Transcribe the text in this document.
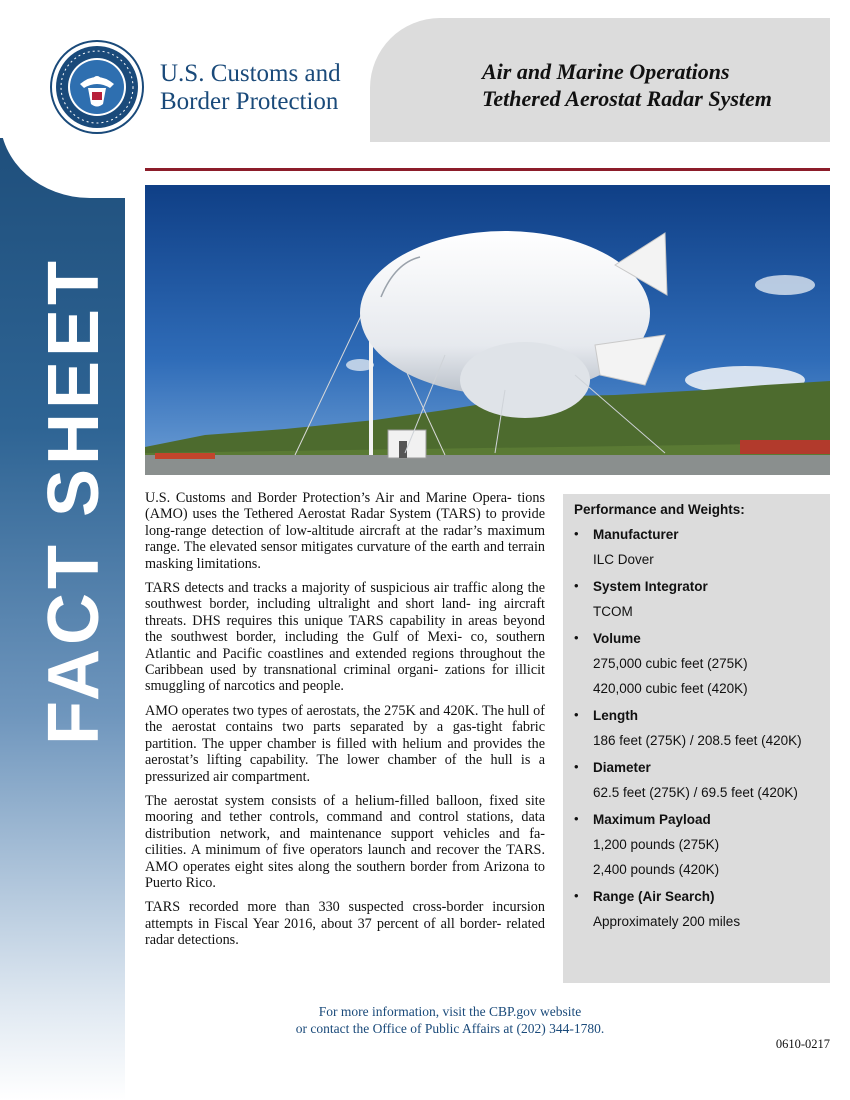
FACT SHEET
U.S. Customs and
Border Protection
Air and Marine Operations
Tethered Aerostat Radar System

U.S. Customs and Border Protection’s Air and Marine Opera- tions (AMO) uses the Tethered Aerostat Radar System (TARS) to provide long-range detection of low-altitude aircraft at the radar’s maximum range. The elevated sensor mitigates curvature of the earth and terrain masking limitations.

TARS detects and tracks a majority of suspicious air traffic along the southwest border, including ultralight and short land- ing aircraft threats. DHS requires this unique TARS capability in areas beyond the southwest border, including the Gulf of Mexi- co, southern Atlantic and Pacific coastlines and extended regions throughout the Caribbean used by transnational criminal organi- zations for illicit smuggling of narcotics and people.

AMO operates two types of aerostats, the 275K and 420K. The hull of the aerostat contains two parts separated by a gas-tight fabric partition. The upper chamber is filled with helium and provides the aerostat’s lifting capability. The lower chamber of the hull is a pressurized air compartment.

The aerostat system consists of a helium-filled balloon, fixed site mooring and tether controls, command and control stations, data distribution network, and maintenance support vehicles and fa- cilities. A minimum of five operators launch and recover the TARS. AMO operates eight sites along the southern border from Arizona to Puerto Rico.

TARS recorded more than 330 suspected cross-border incursion attempts in Fiscal Year 2016, about 37 percent of all border- related radar detections.

Performance and Weights:
• Manufacturer
ILC Dover
• System Integrator
TCOM
• Volume
275,000 cubic feet (275K)
420,000 cubic feet (420K)
• Length
186 feet (275K) / 208.5 feet (420K)
• Diameter
62.5 feet (275K) / 69.5 feet (420K)
• Maximum Payload
1,200 pounds (275K)
2,400 pounds (420K)
• Range (Air Search)
Approximately 200 miles
For more information, visit the CBP.gov website
or contact the Office of Public Affairs at (202) 344-1780.
0610-0217
